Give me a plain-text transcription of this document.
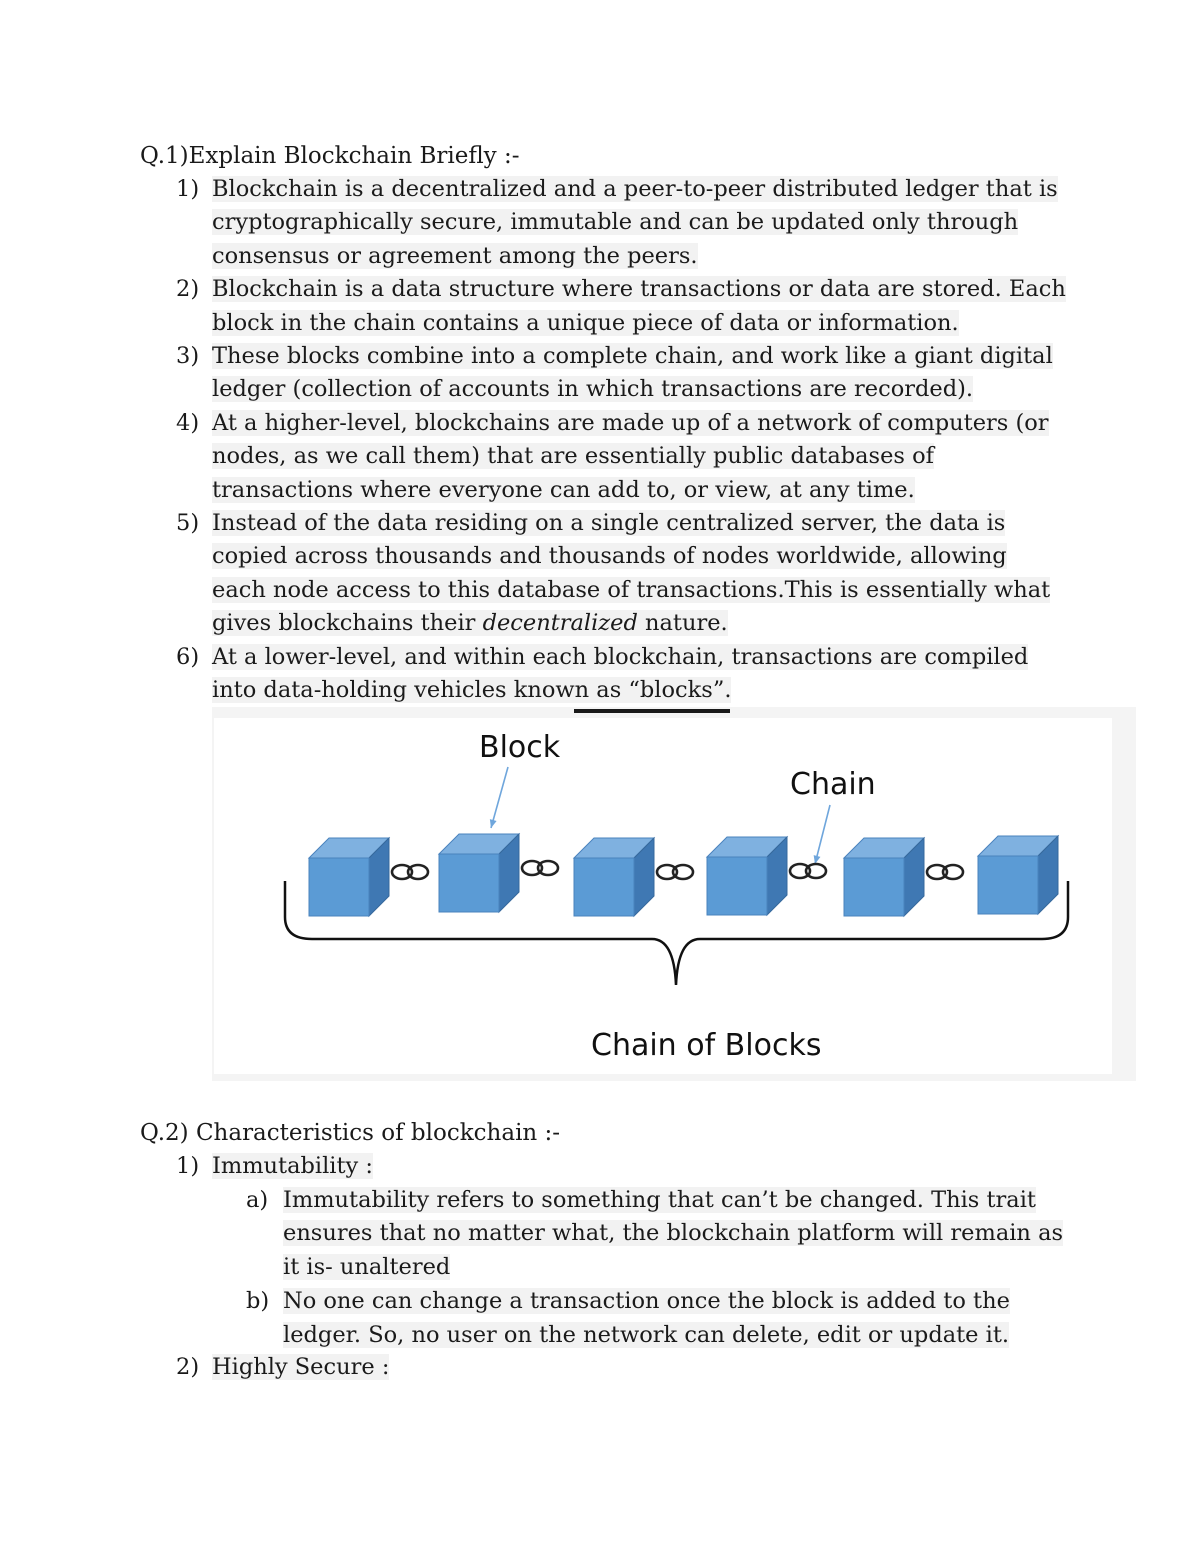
Q.1)Explain Blockchain Briefly :-
1) Blockchain is a decentralized and a peer-to-peer distributed ledger that is cryptographically secure, immutable and can be updated only through consensus or agreement among the peers.
2) Blockchain is a data structure where transactions or data are stored. Each block in the chain contains a unique piece of data or information.
3) These blocks combine into a complete chain, and work like a giant digital ledger (collection of accounts in which transactions are recorded).
4) At a higher-level, blockchains are made up of a network of computers (or nodes, as we call them) that are essentially public databases of transactions where everyone can add to, or view, at any time.
5) Instead of the data residing on a single centralized server, the data is copied across thousands and thousands of nodes worldwide, allowing each node access to this database of transactions.This is essentially what gives blockchains their decentralized nature.
6) At a lower-level, and within each blockchain, transactions are compiled into data-holding vehicles known as “blocks”.
Block
Chain
Chain of Blocks
Q.2) Characteristics of blockchain :-
1) Immutability :
a) Immutability refers to something that can’t be changed. This trait ensures that no matter what, the blockchain platform will remain as it is- unaltered
b) No one can change a transaction once the block is added to the ledger. So, no user on the network can delete, edit or update it.
2) Highly Secure :
